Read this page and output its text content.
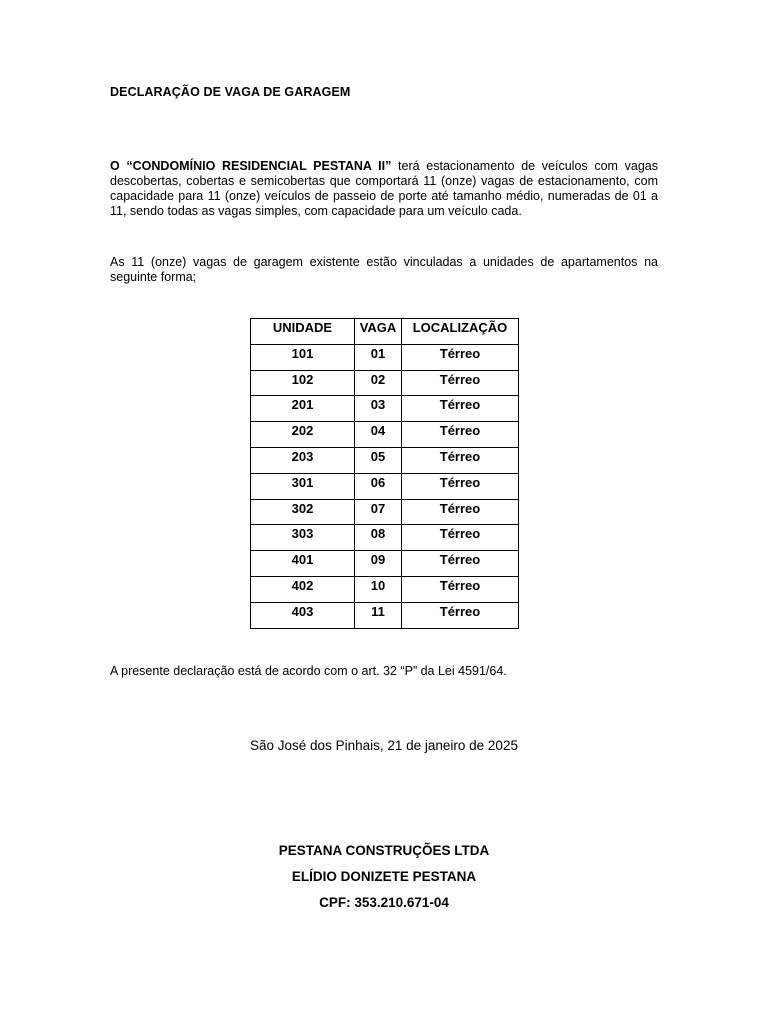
DECLARAÇÃO DE VAGA DE GARAGEM
O “CONDOMÍNIO RESIDENCIAL PESTANA II” terá estacionamento de veículos com vagas descobertas, cobertas e semicobertas que comportará 11 (onze) vagas de estacionamento, com capacidade para 11 (onze) veículos de passeio de porte até tamanho médio, numeradas de 01 a 11, sendo todas as vagas simples, com capacidade para um veículo cada.
As 11 (onze) vagas de garagem existente estão vinculadas a unidades de apartamentos na seguinte forma;
UNIDADE	VAGA	LOCALIZAÇÃO
101	01	Térreo
102	02	Térreo
201	03	Térreo
202	04	Térreo
203	05	Térreo
301	06	Térreo
302	07	Térreo
303	08	Térreo
401	09	Térreo
402	10	Térreo
403	11	Térreo
A presente declaração está de acordo com o art. 32 “P” da Lei 4591/64.
São José dos Pinhais, 21 de janeiro de 2025
PESTANA CONSTRUÇÕES LTDA
ELÍDIO DONIZETE PESTANA
CPF: 353.210.671-04
